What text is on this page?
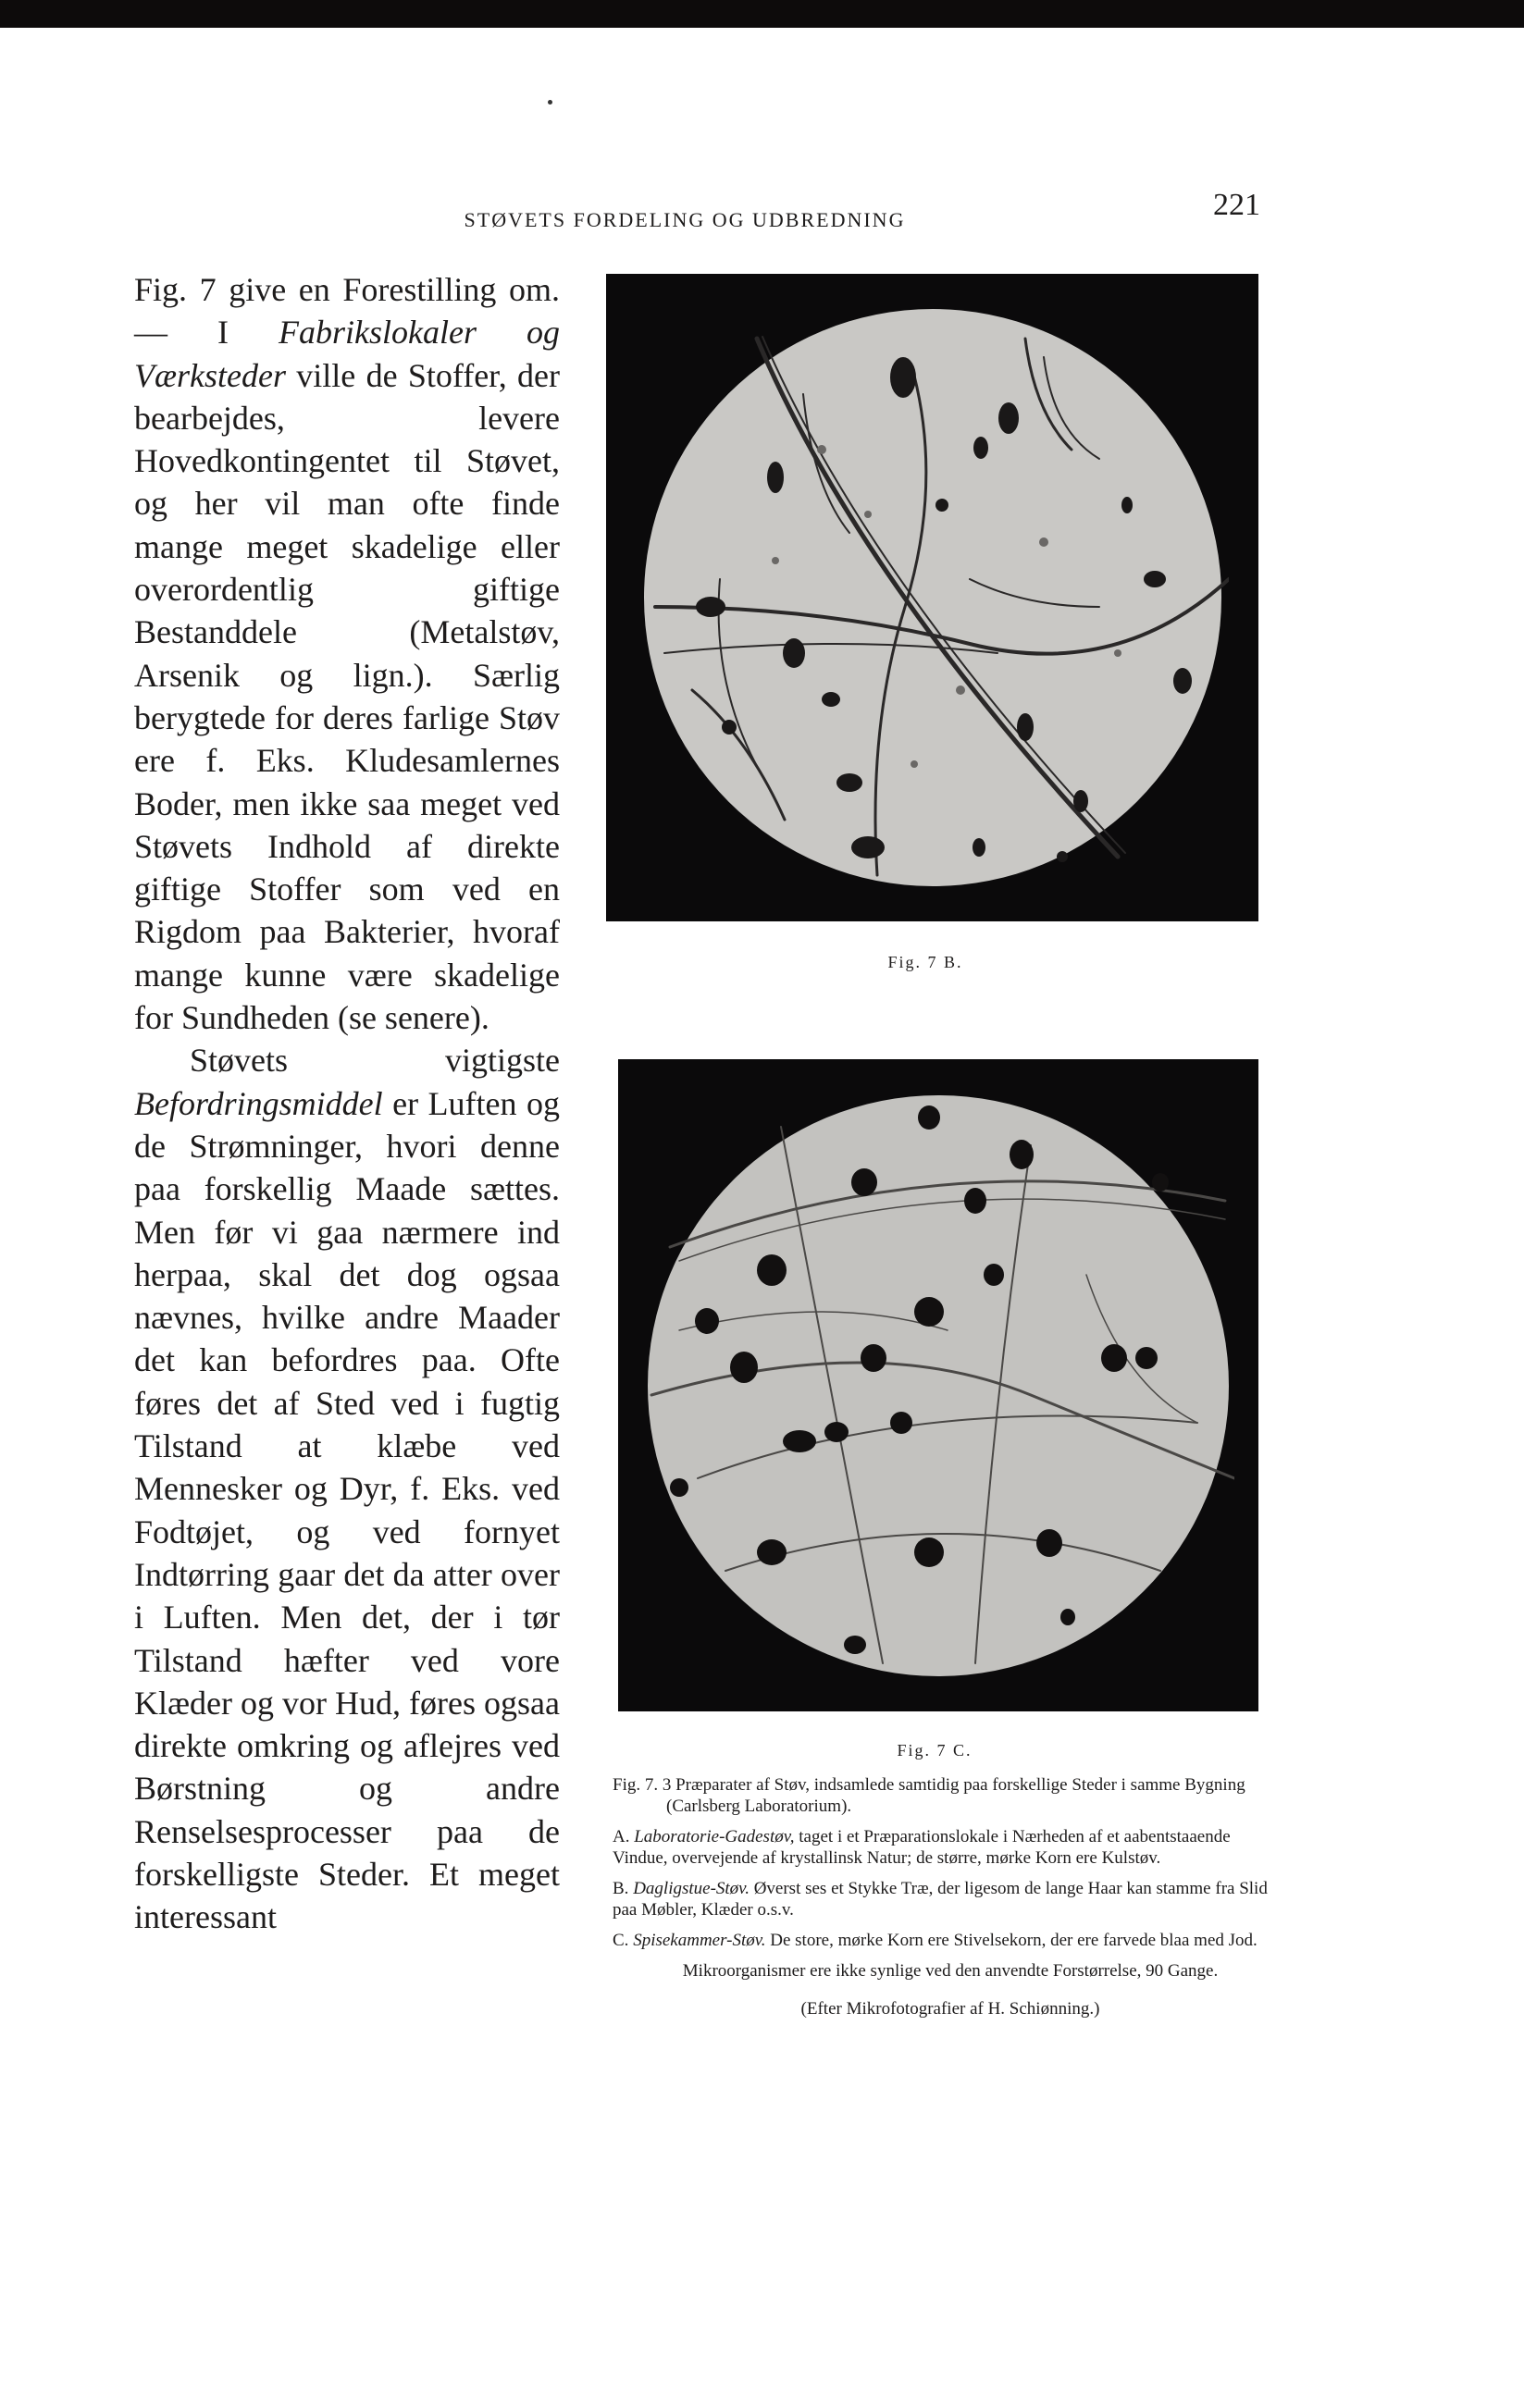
STØVETS FORDELING OG UDBREDNING	221

Fig. 7 give en Forestilling om. — I Fabrikslokaler og Værksteder ville de Stoffer, der bearbejdes, levere Hovedkontingentet til Støvet, og her vil man ofte finde mange meget skadelige eller overordentlig giftige Bestanddele (Metalstøv, Arsenik og lign.). Særlig berygtede for deres farlige Støv ere f. Eks. Kludesamlernes Boder, men ikke saa meget ved Støvets Indhold af direkte giftige Stoffer som ved en Rigdom paa Bakterier, hvoraf mange kunne være skadelige for Sundheden (se senere).

Støvets vigtigste Befordringsmiddel er Luften og de Strømninger, hvori denne paa forskellig Maade sættes. Men før vi gaa nærmere ind herpaa, skal det dog ogsaa nævnes, hvilke andre Maader det kan befordres paa. Ofte føres det af Sted ved i fugtig Tilstand at klæbe ved Mennesker og Dyr, f. Eks. ved Fodtøjet, og ved fornyet Indtørring gaar det da atter over i Luften. Men det, der i tør Tilstand hæfter ved vore Klæder og vor Hud, føres ogsaa direkte omkring og aflejres ved Børstning og andre Renselsesprocesser paa de forskelligste Steder. Et meget interessant

Fig. 7 B.
Fig. 7 C.

Fig. 7. 3 Præparater af Støv, indsamlede samtidig paa forskellige Steder i samme Bygning (Carlsberg Laboratorium).

A. Laboratorie-Gadestøv, taget i et Præparationslokale i Nærheden af et aabentstaaende Vindue, overvejende af krystallinsk Natur; de større, mørke Korn ere Kulstøv.

B. Dagligstue-Støv. Øverst ses et Stykke Træ, der ligesom de lange Haar kan stamme fra Slid paa Møbler, Klæder o.s.v.

C. Spisekammer-Støv. De store, mørke Korn ere Stivelsekorn, der ere farvede blaa med Jod.

Mikroorganismer ere ikke synlige ved den anvendte Forstørrelse, 90 Gange.

(Efter Mikrofotografier af H. Schiønning.)
